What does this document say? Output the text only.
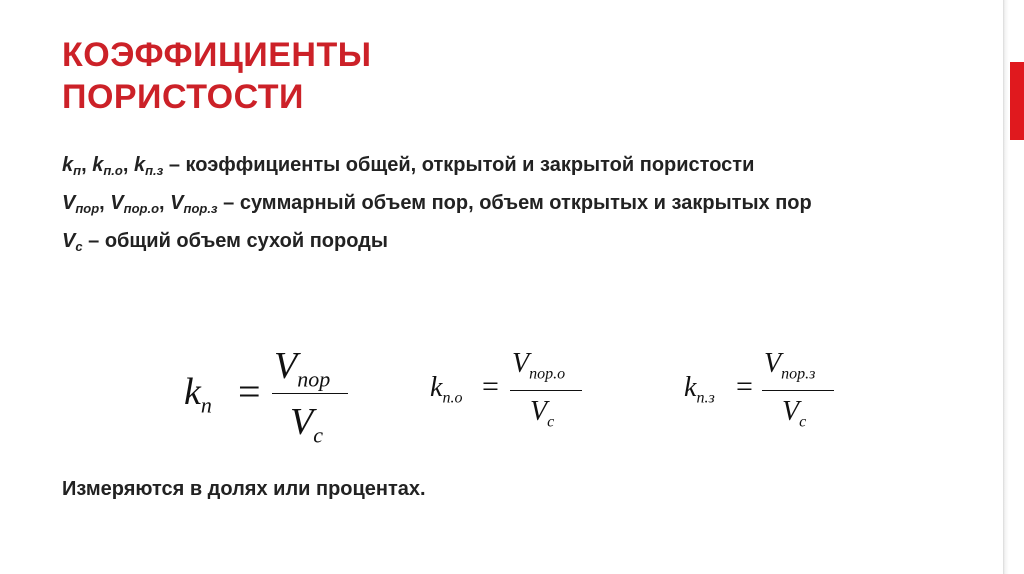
КОЭФФИЦИЕНТЫ
ПОРИСТОСТИ

$k_п$, $k_{п.о}$, $k_{п.з}$ – коэффициенты общей, открытой и закрытой пористости

$V_{пор}$, $V_{пор.о}$, $V_{пор.з}$ – суммарный объем пор, объем открытых и закрытых пор

$V_с$ – общий объем сухой породы

$k_п$ =
$V_{пор}$
$V_с$
$k_{п.о}$ =
$V_{пор.о}$
$V_с$
$k_{п.з}$ =
$V_{пор.з}$
$V_с$

Измеряются в долях или процентах.
